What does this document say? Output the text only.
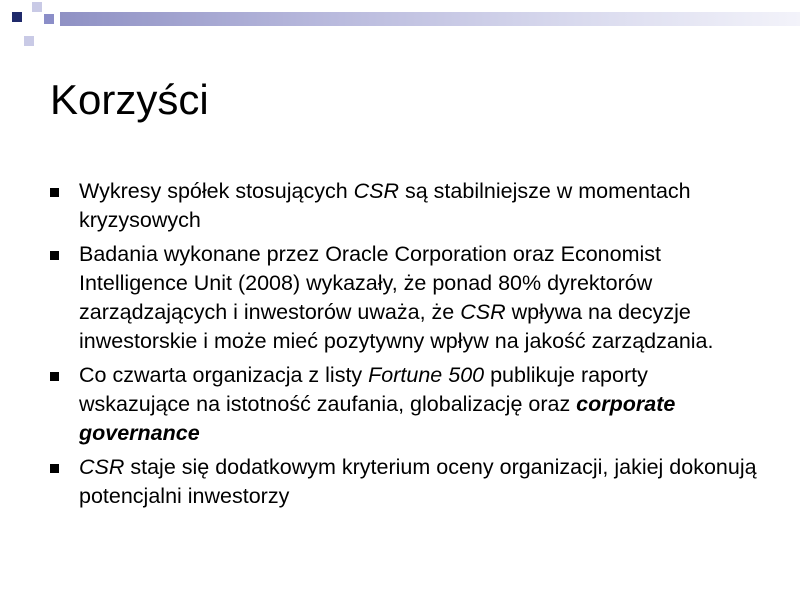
Korzyści
Wykresy spółek stosujących CSR są stabilniejsze w momentach kryzysowych
Badania wykonane przez Oracle Corporation oraz Economist Intelligence Unit (2008) wykazały, że ponad 80% dyrektorów zarządzających i inwestorów uważa, że CSR wpływa na decyzje inwestorskie i może mieć pozytywny wpływ na jakość zarządzania.
Co czwarta organizacja z listy Fortune 500 publikuje raporty wskazujące na istotność zaufania, globalizację oraz corporate governance
CSR staje się dodatkowym kryterium oceny organizacji, jakiej dokonują potencjalni inwestorzy
